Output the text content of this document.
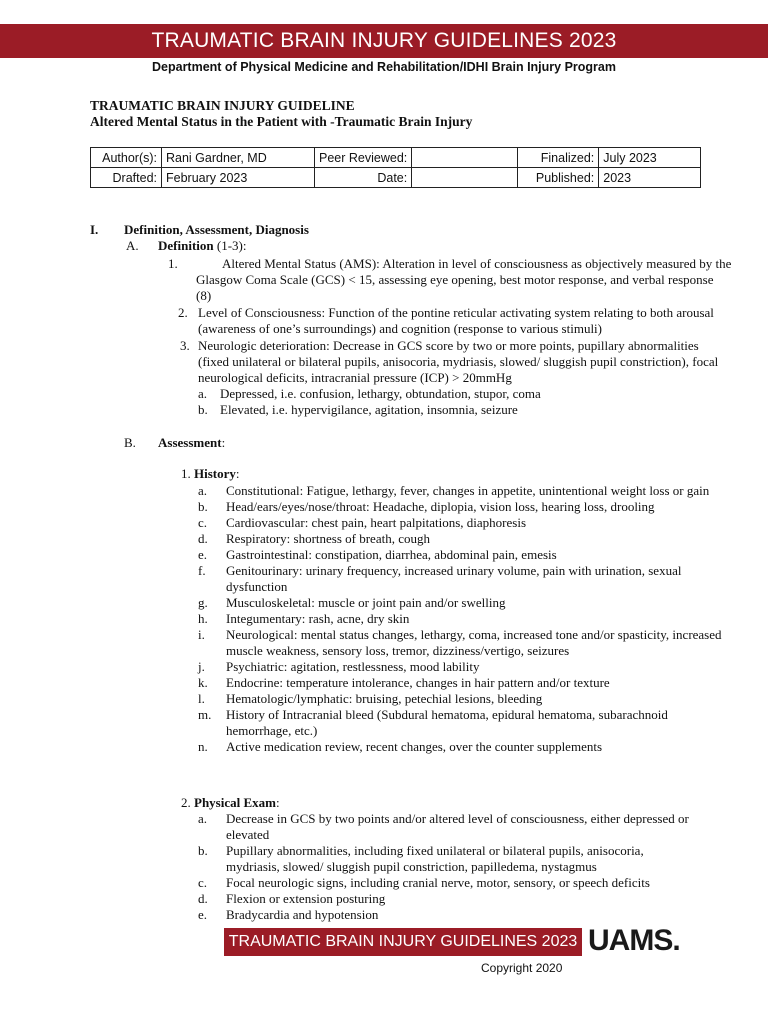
TRAUMATIC BRAIN INJURY GUIDELINES 2023
Department of Physical Medicine and Rehabilitation/IDHI Brain Injury Program
TRAUMATIC BRAIN INJURY GUIDELINE
Altered Mental Status in the Patient with -Traumatic Brain Injury
Author(s):	Rani Gardner, MD	Peer Reviewed:		Finalized:	July 2023
Drafted:	February 2023	Date:		Published:	2023
I. Definition, Assessment, Diagnosis
A. Definition (1-3):
1.	Altered Mental Status (AMS): Alteration in level of consciousness as objectively measured by the
Glasgow Coma Scale (GCS) < 15, assessing eye opening, best motor response, and verbal response
(8)
2. Level of Consciousness: Function of the pontine reticular activating system relating to both arousal
(awareness of one’s surroundings) and cognition (response to various stimuli)
3. Neurologic deterioration: Decrease in GCS score by two or more points, pupillary abnormalities
(fixed unilateral or bilateral pupils, anisocoria, mydriasis, slowed/ sluggish pupil constriction), focal
neurological deficits, intracranial pressure (ICP) > 20mmHg
a. Depressed, i.e. confusion, lethargy, obtundation, stupor, coma
b. Elevated, i.e. hypervigilance, agitation, insomnia, seizure
B. Assessment:
1. History:
a. Constitutional: Fatigue, lethargy, fever, changes in appetite, unintentional weight loss or gain
b. Head/ears/eyes/nose/throat: Headache, diplopia, vision loss, hearing loss, drooling
c. Cardiovascular: chest pain, heart palpitations, diaphoresis
d. Respiratory: shortness of breath, cough
e. Gastrointestinal: constipation, diarrhea, abdominal pain, emesis
f. Genitourinary: urinary frequency, increased urinary volume, pain with urination, sexual
dysfunction
g. Musculoskeletal: muscle or joint pain and/or swelling
h. Integumentary: rash, acne, dry skin
i. Neurological: mental status changes, lethargy, coma, increased tone and/or spasticity, increased
muscle weakness, sensory loss, tremor, dizziness/vertigo, seizures
j. Psychiatric: agitation, restlessness, mood lability
k. Endocrine: temperature intolerance, changes in hair pattern and/or texture
l. Hematologic/lymphatic: bruising, petechial lesions, bleeding
m. History of Intracranial bleed (Subdural hematoma, epidural hematoma, subarachnoid
hemorrhage, etc.)
n. Active medication review, recent changes, over the counter supplements
2. Physical Exam:
a. Decrease in GCS by two points and/or altered level of consciousness, either depressed or
elevated
b. Pupillary abnormalities, including fixed unilateral or bilateral pupils, anisocoria,
mydriasis, slowed/ sluggish pupil constriction, papilledema, nystagmus
c. Focal neurologic signs, including cranial nerve, motor, sensory, or speech deficits
d. Flexion or extension posturing
e. Bradycardia and hypotension
TRAUMATIC BRAIN INJURY GUIDELINES 2023 UAMS.
Copyright 2020
